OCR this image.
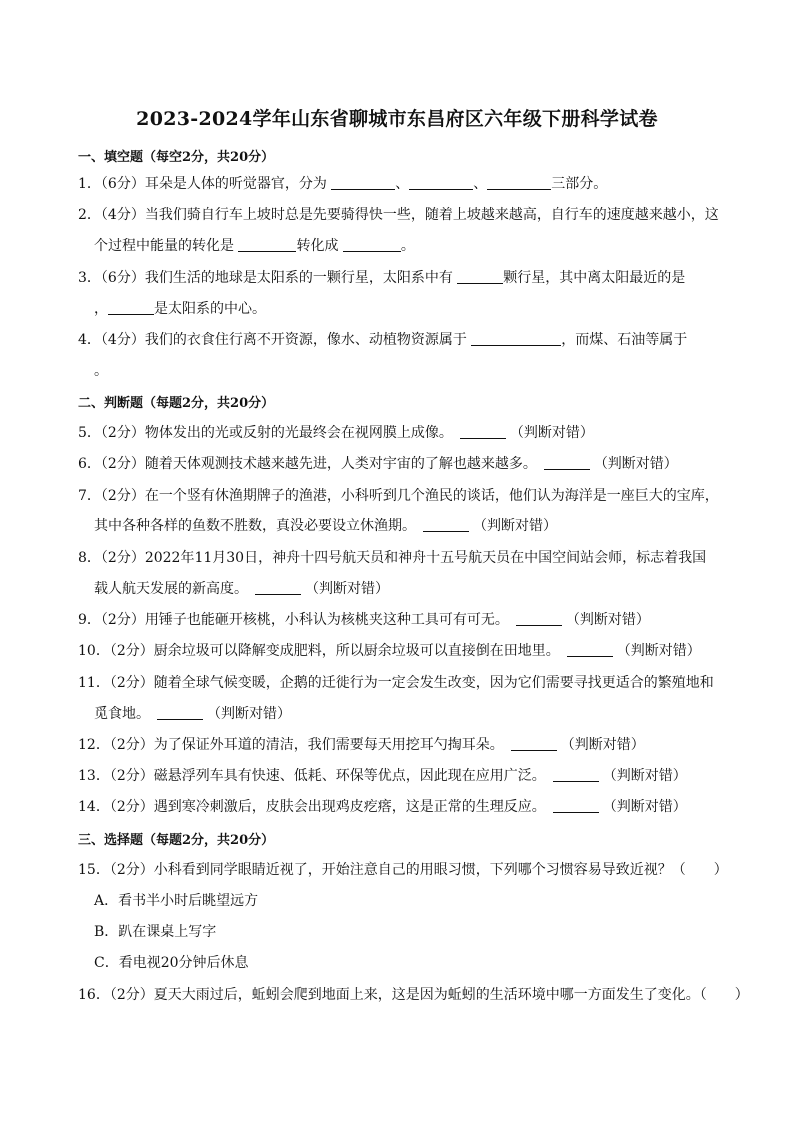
2023-2024学年山东省聊城市东昌府区六年级下册科学试卷
一、填空题（每空2分，共20分）
1．（6分）耳朵是人体的听觉器官，分为	、	、	三部分。
2．（4分）当我们骑自行车上坡时总是先要骑得快一些，随着上坡越来越高，自行车的速度越来越小，这
个过程中能量的转化是	转化成	。
3．（6分）我们生活的地球是太阳系的一颗行星，太阳系中有	颗行星，其中离太阳最近的是
，	是太阳系的中心。
4．（4分）我们的衣食住行离不开资源，像水、动植物资源属于	，而煤、石油等属于
。
二、判断题（每题2分，共20分）
5．（2分）物体发出的光或反射的光最终会在视网膜上成像。　	（判断对错）
6．（2分）随着天体观测技术越来越先进，人类对宇宙的了解也越来越多。　	（判断对错）
7．（2分）在一个竖有休渔期牌子的渔港，小科听到几个渔民的谈话，他们认为海洋是一座巨大的宝库，
其中各种各样的鱼数不胜数，真没必要设立休渔期。　	（判断对错）
8．（2分）2022年11月30日，神舟十四号航天员和神舟十五号航天员在中国空间站会师，标志着我国
载人航天发展的新高度。　	（判断对错）
9．（2分）用锤子也能砸开核桃，小科认为核桃夹这种工具可有可无。　	（判断对错）
10．（2分）厨余垃圾可以降解变成肥料，所以厨余垃圾可以直接倒在田地里。　	（判断对错）
11．（2分）随着全球气候变暖，企鹅的迁徙行为一定会发生改变，因为它们需要寻找更适合的繁殖地和
觅食地。　	（判断对错）
12．（2分）为了保证外耳道的清洁，我们需要每天用挖耳勺掏耳朵。　	（判断对错）
13．（2分）磁悬浮列车具有快速、低耗、环保等优点，因此现在应用广泛。　	（判断对错）
14．（2分）遇到寒冷刺激后，皮肤会出现鸡皮疙瘩，这是正常的生理反应。　	（判断对错）
三、选择题（每题2分，共20分）
15．（2分）小科看到同学眼睛近视了，开始注意自己的用眼习惯，下列哪个习惯容易导致近视？（　　）
A．看书半小时后眺望远方
B．趴在课桌上写字
C．看电视20分钟后休息
16．（2分）夏天大雨过后，蚯蚓会爬到地面上来，这是因为蚯蚓的生活环境中哪一方面发生了变化。（　　）
